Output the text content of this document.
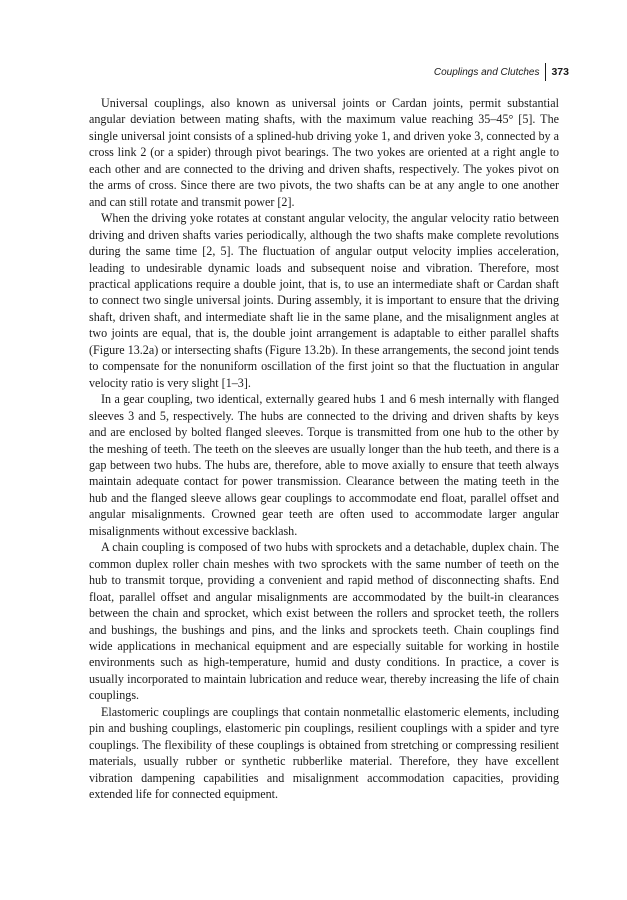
Couplings and Clutches 373

Universal couplings, also known as universal joints or Cardan joints, permit substantial angular deviation between mating shafts, with the maximum value reaching 35–45° [5]. The single universal joint consists of a splined-hub driving yoke 1, and driven yoke 3, connected by a cross link 2 (or a spider) through pivot bearings. The two yokes are oriented at a right angle to each other and are connected to the driving and driven shafts, respectively. The yokes pivot on the arms of cross. Since there are two pivots, the two shafts can be at any angle to one another and can still rotate and transmit power [2].

When the driving yoke rotates at constant angular velocity, the angular velocity ratio between driving and driven shafts varies periodically, although the two shafts make complete revolutions during the same time [2, 5]. The fluctuation of angular output velocity implies acceleration, leading to undesirable dynamic loads and subsequent noise and vibration. Therefore, most practical applications require a double joint, that is, to use an intermediate shaft or Cardan shaft to connect two single universal joints. During assembly, it is important to ensure that the driving shaft, driven shaft, and intermediate shaft lie in the same plane, and the misalignment angles at two joints are equal, that is, the double joint arrangement is adaptable to either parallel shafts (Figure 13.2a) or intersecting shafts (Figure 13.2b). In these arrangements, the second joint tends to compensate for the nonuniform oscillation of the first joint so that the fluctuation in angular velocity ratio is very slight [1–3].

In a gear coupling, two identical, externally geared hubs 1 and 6 mesh internally with flanged sleeves 3 and 5, respectively. The hubs are connected to the driving and driven shafts by keys and are enclosed by bolted flanged sleeves. Torque is transmitted from one hub to the other by the meshing of teeth. The teeth on the sleeves are usually longer than the hub teeth, and there is a gap between two hubs. The hubs are, therefore, able to move axially to ensure that teeth always maintain adequate contact for power transmission. Clearance between the mating teeth in the hub and the flanged sleeve allows gear couplings to accommodate end float, parallel offset and angular misalignments. Crowned gear teeth are often used to accommodate larger angular misalignments without excessive backlash.

A chain coupling is composed of two hubs with sprockets and a detachable, duplex chain. The common duplex roller chain meshes with two sprockets with the same number of teeth on the hub to transmit torque, providing a convenient and rapid method of disconnecting shafts. End float, parallel offset and angular misalignments are accommodated by the built-in clearances between the chain and sprocket, which exist between the rollers and sprocket teeth, the rollers and bushings, the bushings and pins, and the links and sprockets teeth. Chain couplings find wide applications in mechanical equipment and are especially suitable for working in hostile environments such as high-temperature, humid and dusty conditions. In practice, a cover is usually incorporated to maintain lubrication and reduce wear, thereby increasing the life of chain couplings.

Elastomeric couplings are couplings that contain nonmetallic elastomeric elements, including pin and bushing couplings, elastomeric pin couplings, resilient couplings with a spider and tyre couplings. The flexibility of these couplings is obtained from stretching or compressing resilient materials, usually rubber or synthetic rubberlike material. Therefore, they have excellent vibration dampening capabilities and misalignment accommodation capacities, providing extended life for connected equipment.
